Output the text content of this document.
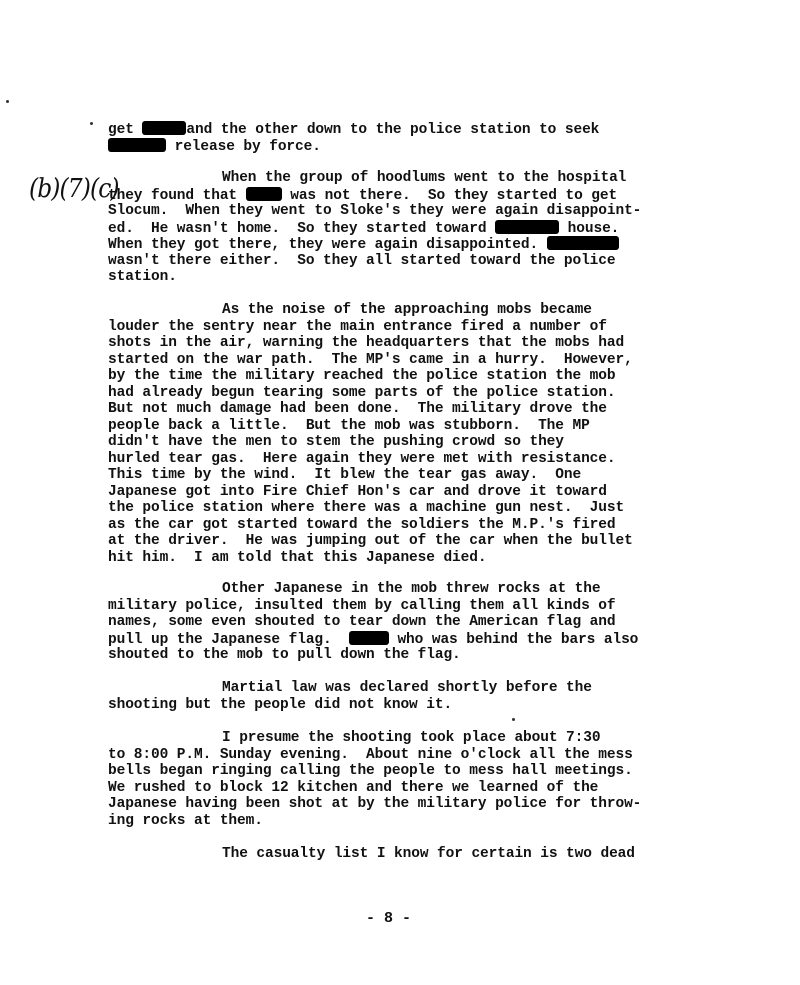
(b)(7)(c)
get	and the other down to the police station to seek
release by force.
When the group of hoodlums went to the hospital
they found that  was not there.  So they started to get
Slocum.  When they went to Sloke's they were again disappoint-
ed.  He wasn't home.  So they started toward	house.
When they got there, they were again disappointed.
wasn't there either.  So they all started toward the police
station.
As the noise of the approaching mobs became
louder the sentry near the main entrance fired a number of
shots in the air, warning the headquarters that the mobs had
started on the war path.  The MP's came in a hurry.  However,
by the time the military reached the police station the mob
had already begun tearing some parts of the police station.
But not much damage had been done.  The military drove the
people back a little.  But the mob was stubborn.  The MP
didn't have the men to stem the pushing crowd so they
hurled tear gas.  Here again they were met with resistance.
This time by the wind.  It blew the tear gas away.  One
Japanese got into Fire Chief Hon's car and drove it toward
the police station where there was a machine gun nest.  Just
as the car got started toward the soldiers the M.P.'s fired
at the driver.  He was jumping out of the car when the bullet
hit him.  I am told that this Japanese died.
Other Japanese in the mob threw rocks at the
military police, insulted them by calling them all kinds of
names, some even shouted to tear down the American flag and
pull up the Japanese flag.	who was behind the bars also
shouted to the mob to pull down the flag.
Martial law was declared shortly before the
shooting but the people did not know it.
I presume the shooting took place about 7:30
to 8:00 P.M. Sunday evening.  About nine o'clock all the mess
bells began ringing calling the people to mess hall meetings.
We rushed to block 12 kitchen and there we learned of the
Japanese having been shot at by the military police for throw-
ing rocks at them.
The casualty list I know for certain is two dead
- 8 -
